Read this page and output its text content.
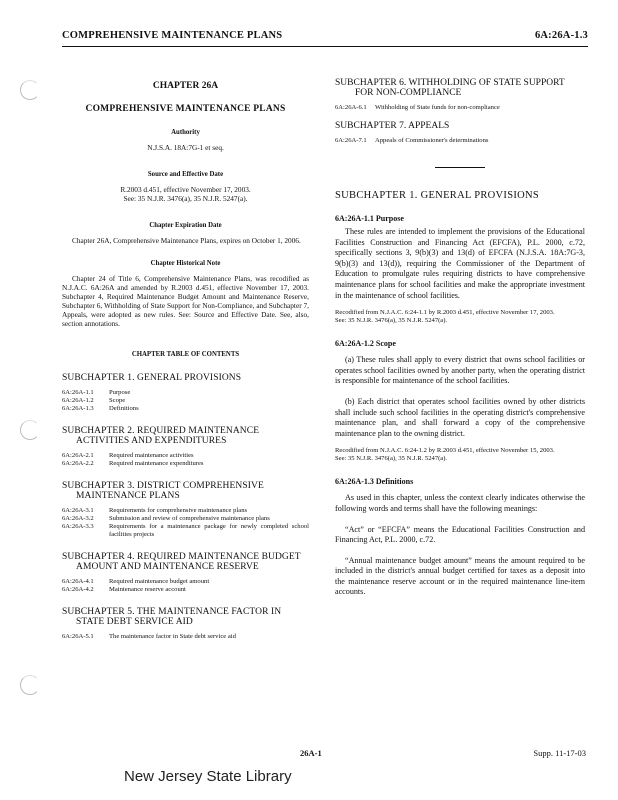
COMPREHENSIVE MAINTENANCE PLANS	6A:26A-1.3
CHAPTER 26A
COMPREHENSIVE MAINTENANCE PLANS
Authority
N.J.S.A. 18A:7G-1 et seq.
Source and Effective Date
R.2003 d.451, effective November 17, 2003.
See: 35 N.J.R. 3476(a), 35 N.J.R. 5247(a).
Chapter Expiration Date
Chapter 26A, Comprehensive Maintenance Plans, expires on October 1, 2006.
Chapter Historical Note
Chapter 24 of Title 6, Comprehensive Maintenance Plans, was recodified as N.J.A.C. 6A:26A and amended by R.2003 d.451, effective November 17, 2003. Subchapter 4, Required Maintenance Budget Amount and Maintenance Reserve, Subchapter 6, Withholding of State Support for Non-Compliance, and Subchapter 7, Appeals, were adopted as new rules. See: Source and Effective Date. See, also, section annotations.
CHAPTER TABLE OF CONTENTS
SUBCHAPTER 1. GENERAL PROVISIONS
6A:26A-1.1	Purpose
6A:26A-1.2	Scope
6A:26A-1.3	Definitions
SUBCHAPTER 2. REQUIRED MAINTENANCE ACTIVITIES AND EXPENDITURES
6A:26A-2.1	Required maintenance activities
6A:26A-2.2	Required maintenance expenditures
SUBCHAPTER 3. DISTRICT COMPREHENSIVE MAINTENANCE PLANS
6A:26A-3.1	Requirements for comprehensive maintenance plans
6A:26A-3.2	Submission and review of comprehensive maintenance plans
6A:26A-3.3	Requirements for a maintenance package for newly completed school facilities projects
SUBCHAPTER 4. REQUIRED MAINTENANCE BUDGET AMOUNT AND MAINTENANCE RESERVE
6A:26A-4.1	Required maintenance budget amount
6A:26A-4.2	Maintenance reserve account
SUBCHAPTER 5. THE MAINTENANCE FACTOR IN STATE DEBT SERVICE AID
6A:26A-5.1	The maintenance factor in State debt service aid
SUBCHAPTER 6. WITHHOLDING OF STATE SUPPORT FOR NON-COMPLIANCE
6A:26A-6.1	Withholding of State funds for non-compliance
SUBCHAPTER 7. APPEALS
6A:26A-7.1	Appeals of Commissioner's determinations
SUBCHAPTER 1. GENERAL PROVISIONS
6A:26A-1.1 Purpose
These rules are intended to implement the provisions of the Educational Facilities Construction and Financing Act (EFCFA), P.L. 2000, c.72, specifically sections 3, 9(b)(3) and 13(d) of EFCFA (N.J.S.A. 18A:7G-3, 9(b)(3) and 13(d)), requiring the Commissioner of the Department of Education to promulgate rules requiring districts to have comprehensive maintenance plans for school facilities and make the appropriate investment in the maintenance of school facilities.
Recodified from N.J.A.C. 6:24-1.1 by R.2003 d.451, effective November 17, 2003.
See: 35 N.J.R. 3476(a), 35 N.J.R. 5247(a).
6A:26A-1.2 Scope
(a) These rules shall apply to every district that owns school facilities or operates school facilities owned by another party, when the operating district is responsible for maintenance of the school facilities.
(b) Each district that operates school facilities owned by other districts shall include such school facilities in the operating district's comprehensive maintenance plan, and shall forward a copy of the comprehensive maintenance plan to the owning district.
Recodified from N.J.A.C. 6:24-1.2 by R.2003 d.451, effective November 15, 2003.
See: 35 N.J.R. 3476(a), 35 N.J.R. 5247(a).
6A:26A-1.3 Definitions
As used in this chapter, unless the context clearly indicates otherwise the following words and terms shall have the following meanings:
“Act” or “EFCFA” means the Educational Facilities Construction and Financing Act, P.L. 2000, c.72.
“Annual maintenance budget amount” means the amount required to be included in the district's annual budget certified for taxes as a deposit into the maintenance reserve account or in the required maintenance line-item accounts.
26A-1	Supp. 11-17-03
New Jersey State Library
